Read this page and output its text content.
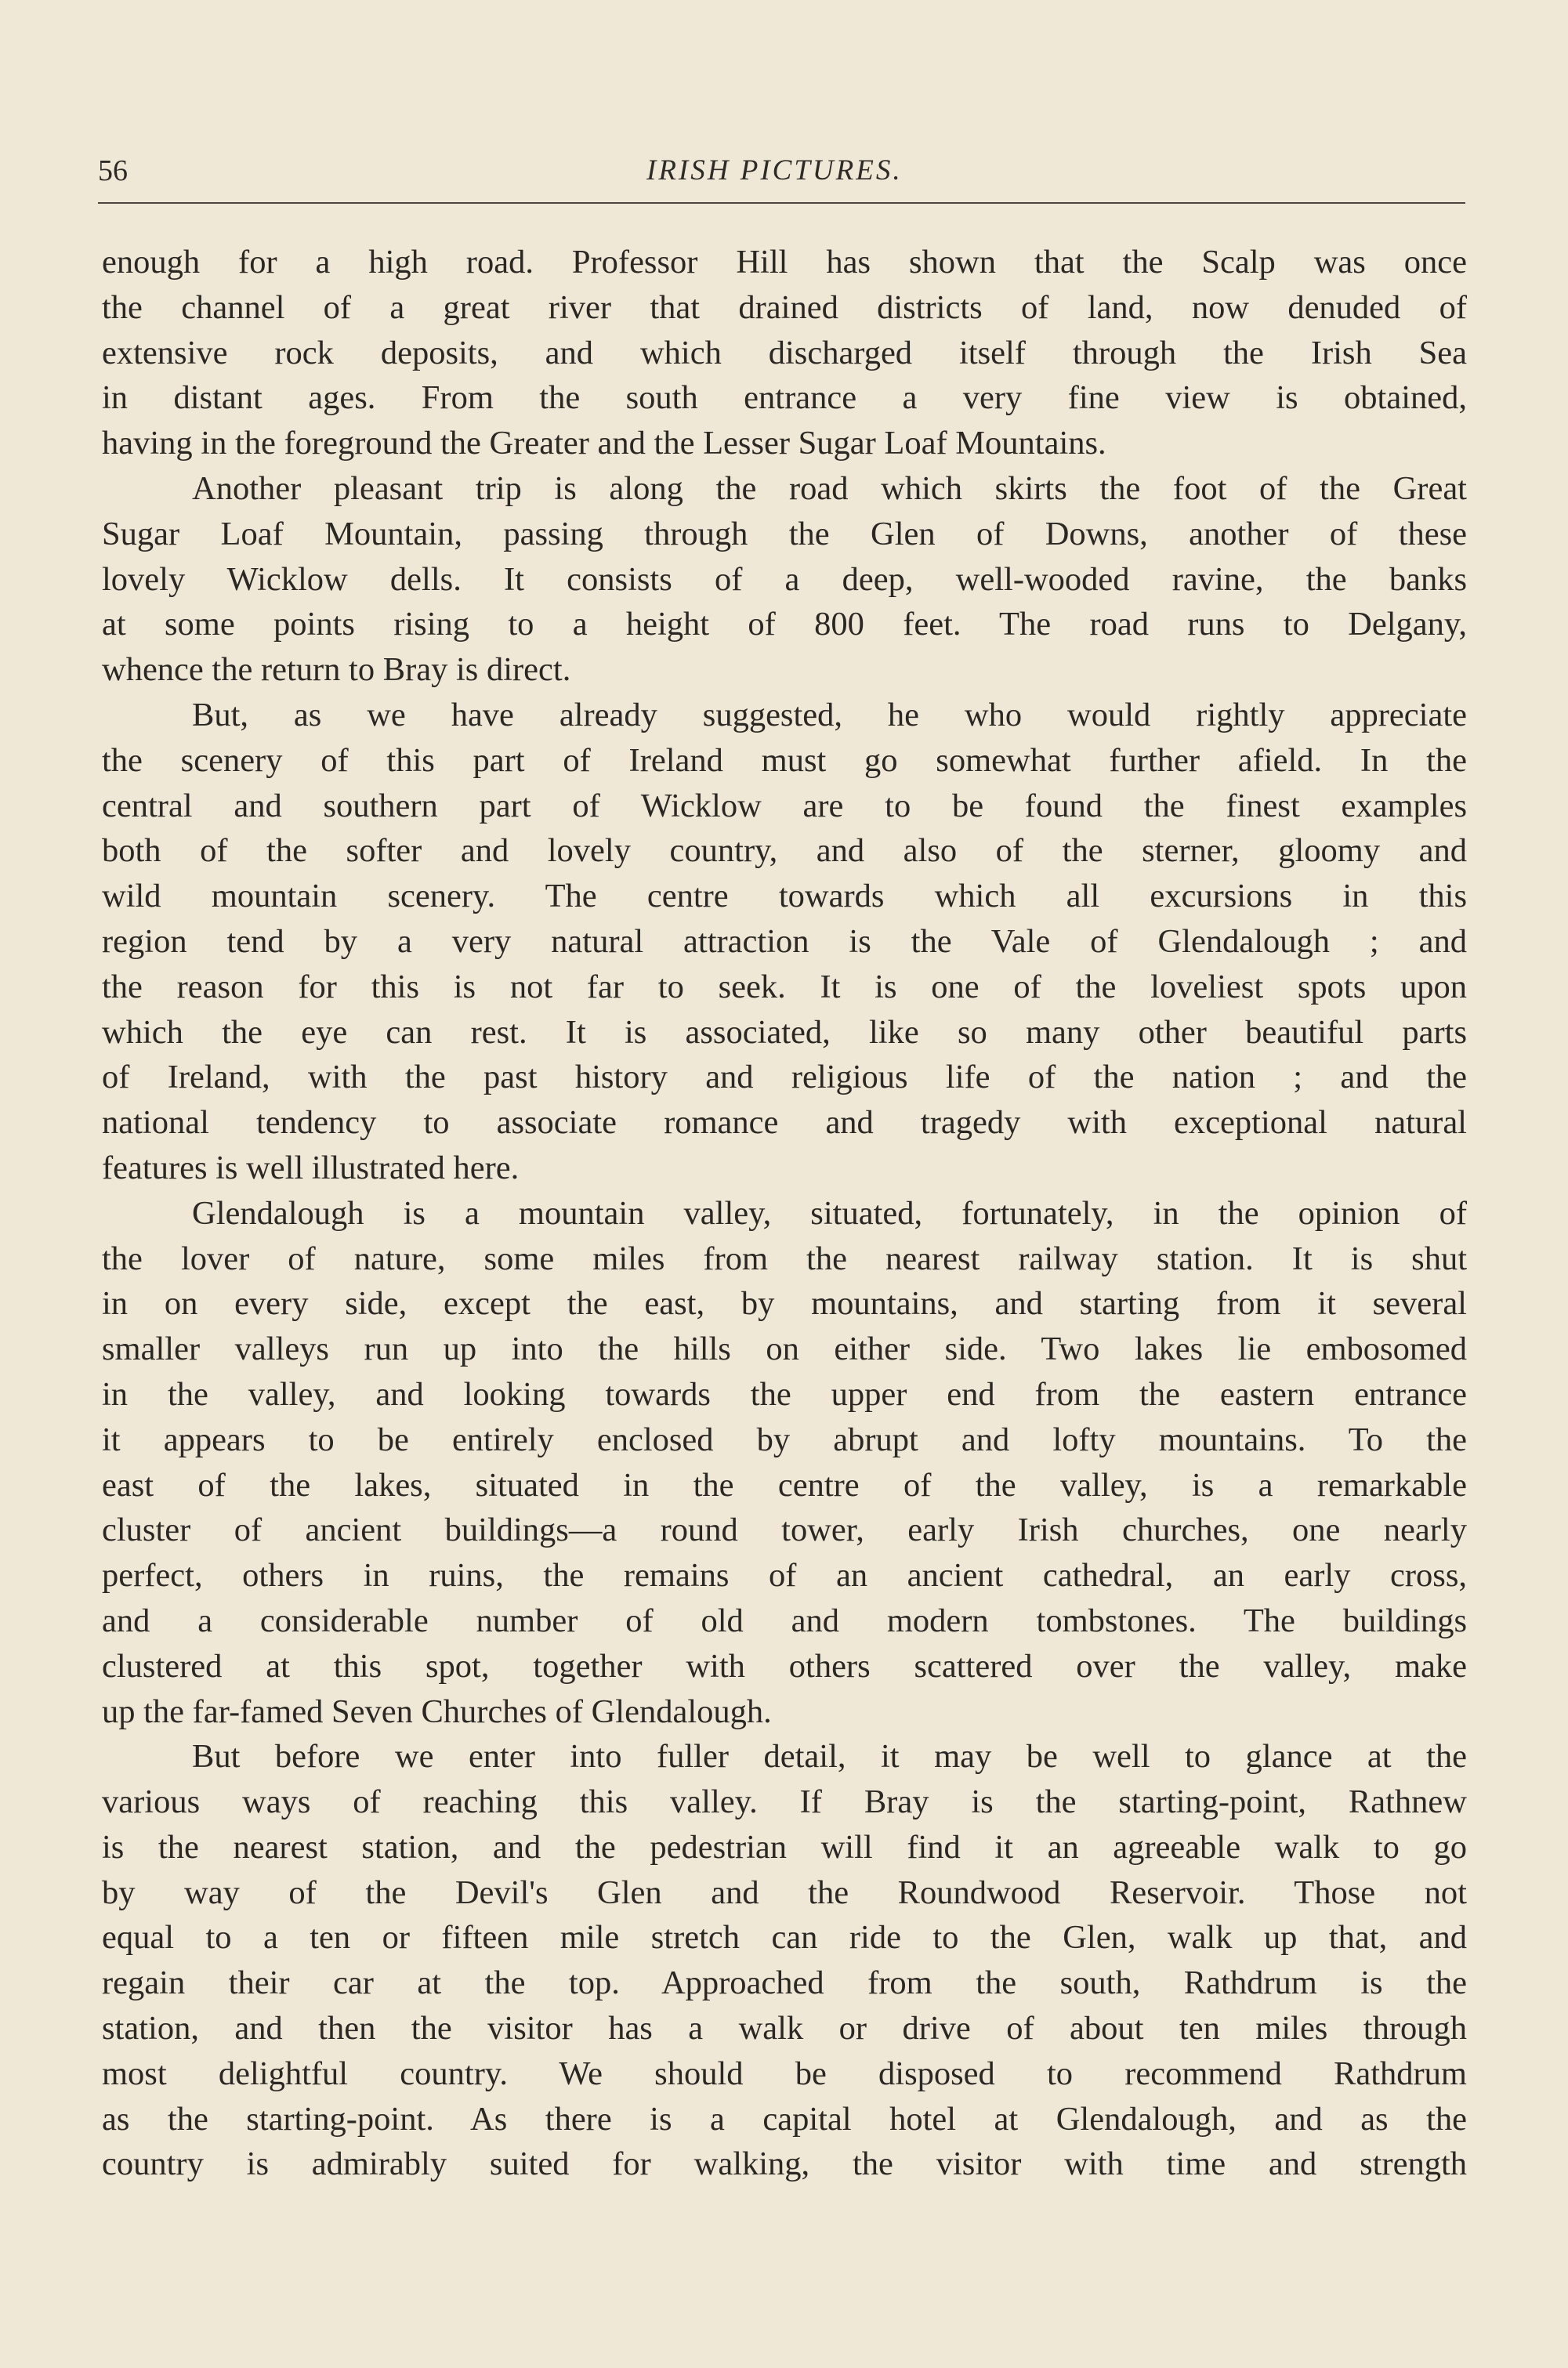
56	IRISH PICTURES.
enough for a high road. Professor Hill has shown that the Scalp was once
the channel of a great river that drained districts of land, now denuded of
extensive rock deposits, and which discharged itself through the Irish Sea
in distant ages. From the south entrance a very fine view is obtained,
having in the foreground the Greater and the Lesser Sugar Loaf Mountains.
Another pleasant trip is along the road which skirts the foot of the Great
Sugar Loaf Mountain, passing through the Glen of Downs, another of these
lovely Wicklow dells. It consists of a deep, well-wooded ravine, the banks
at some points rising to a height of 800 feet. The road runs to Delgany,
whence the return to Bray is direct.
But, as we have already suggested, he who would rightly appreciate
the scenery of this part of Ireland must go somewhat further afield. In the
central and southern part of Wicklow are to be found the finest examples
both of the softer and lovely country, and also of the sterner, gloomy and
wild mountain scenery. The centre towards which all excursions in this
region tend by a very natural attraction is the Vale of Glendalough ; and
the reason for this is not far to seek. It is one of the loveliest spots upon
which the eye can rest. It is associated, like so many other beautiful parts
of Ireland, with the past history and religious life of the nation ; and the
national tendency to associate romance and tragedy with exceptional natural
features is well illustrated here.
Glendalough is a mountain valley, situated, fortunately, in the opinion of
the lover of nature, some miles from the nearest railway station. It is shut
in on every side, except the east, by mountains, and starting from it several
smaller valleys run up into the hills on either side. Two lakes lie embosomed
in the valley, and looking towards the upper end from the eastern entrance
it appears to be entirely enclosed by abrupt and lofty mountains. To the
east of the lakes, situated in the centre of the valley, is a remarkable
cluster of ancient buildings—a round tower, early Irish churches, one nearly
perfect, others in ruins, the remains of an ancient cathedral, an early cross,
and a considerable number of old and modern tombstones. The buildings
clustered at this spot, together with others scattered over the valley, make
up the far-famed Seven Churches of Glendalough.
But before we enter into fuller detail, it may be well to glance at the
various ways of reaching this valley. If Bray is the starting-point, Rathnew
is the nearest station, and the pedestrian will find it an agreeable walk to go
by way of the Devil's Glen and the Roundwood Reservoir. Those not
equal to a ten or fifteen mile stretch can ride to the Glen, walk up that, and
regain their car at the top. Approached from the south, Rathdrum is the
station, and then the visitor has a walk or drive of about ten miles through
most delightful country. We should be disposed to recommend Rathdrum
as the starting-point. As there is a capital hotel at Glendalough, and as the
country is admirably suited for walking, the visitor with time and strength
